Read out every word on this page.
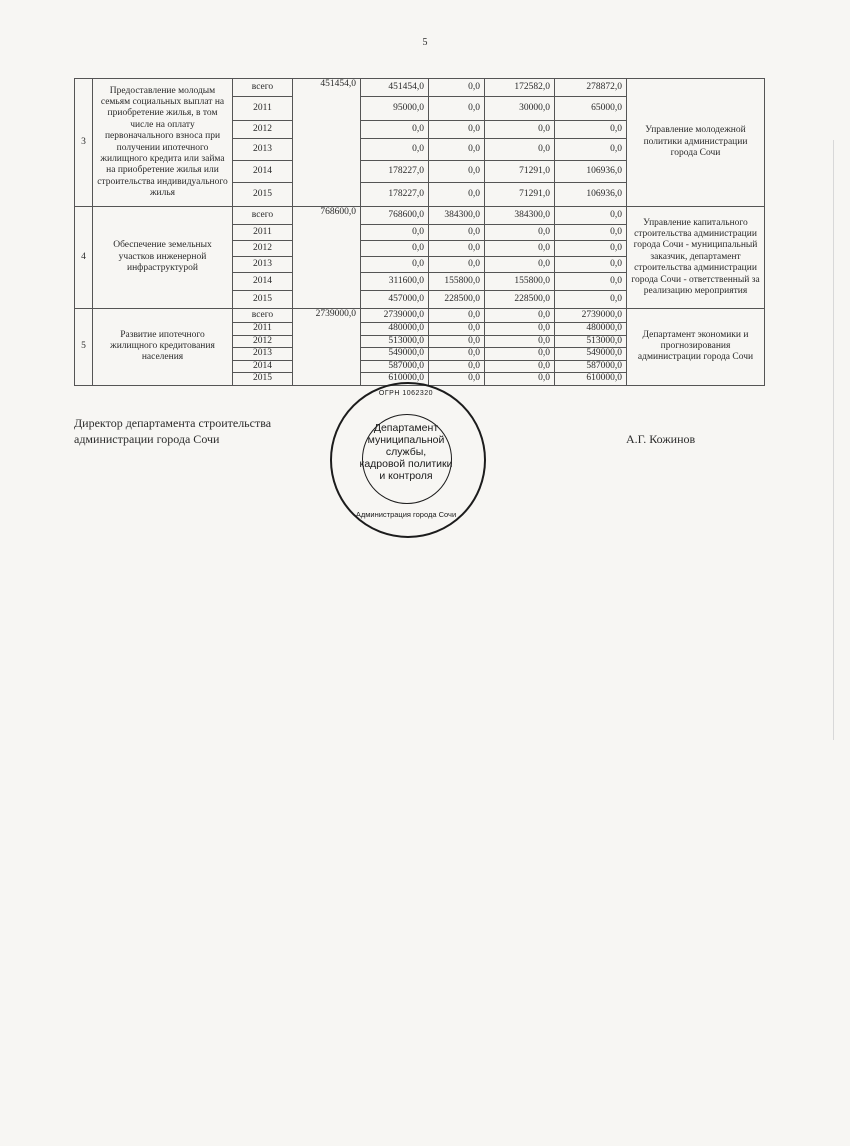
5
3	Предоставление молодым семьям социальных выплат на приобретение жилья, в том числе на оплату первоначального взноса при получении ипотечного жилищного кредита или займа на приобретение жилья или строительства индивидуального жилья	всего	451454,0	451454,0	0,0	172582,0	278872,0	Управление молодежной политики администрации города Сочи
		2011		95000,0	0,0	30000,0	65000,0	
		2012		0,0	0,0	0,0	0,0	
		2013		0,0	0,0	0,0	0,0	
		2014		178227,0	0,0	71291,0	106936,0	
		2015		178227,0	0,0	71291,0	106936,0	
4	Обеспечение земельных участков инженерной инфраструктурой	всего	768600,0	768600,0	384300,0	384300,0	0,0	Управление капитального строительства администрации города Сочи - муниципальный заказчик, департамент строительства администрации города Сочи - ответственный за реализацию мероприятия
		2011		0,0	0,0	0,0	0,0	
		2012		0,0	0,0	0,0	0,0	
		2013		0,0	0,0	0,0	0,0	
		2014		311600,0	155800,0	155800,0	0,0	
		2015		457000,0	228500,0	228500,0	0,0	
5	Развитие ипотечного жилищного кредитования населения	всего	2739000,0	2739000,0	0,0	0,0	2739000,0	Департамент экономики и прогнозирования администрации города Сочи
		2011		480000,0	0,0	0,0	480000,0	
		2012		513000,0	0,0	0,0	513000,0	
		2013		549000,0	0,0	0,0	549000,0	
		2014		587000,0	0,0	0,0	587000,0	
		2015		610000,0	0,0	0,0	610000,0	
ОГРН 1062320
Департамент
муниципальной
службы,
кадровой политики
и контроля
Администрация города Сочи
Директор департамента строительства
администрации города Сочи	А.Г. Кожинов
